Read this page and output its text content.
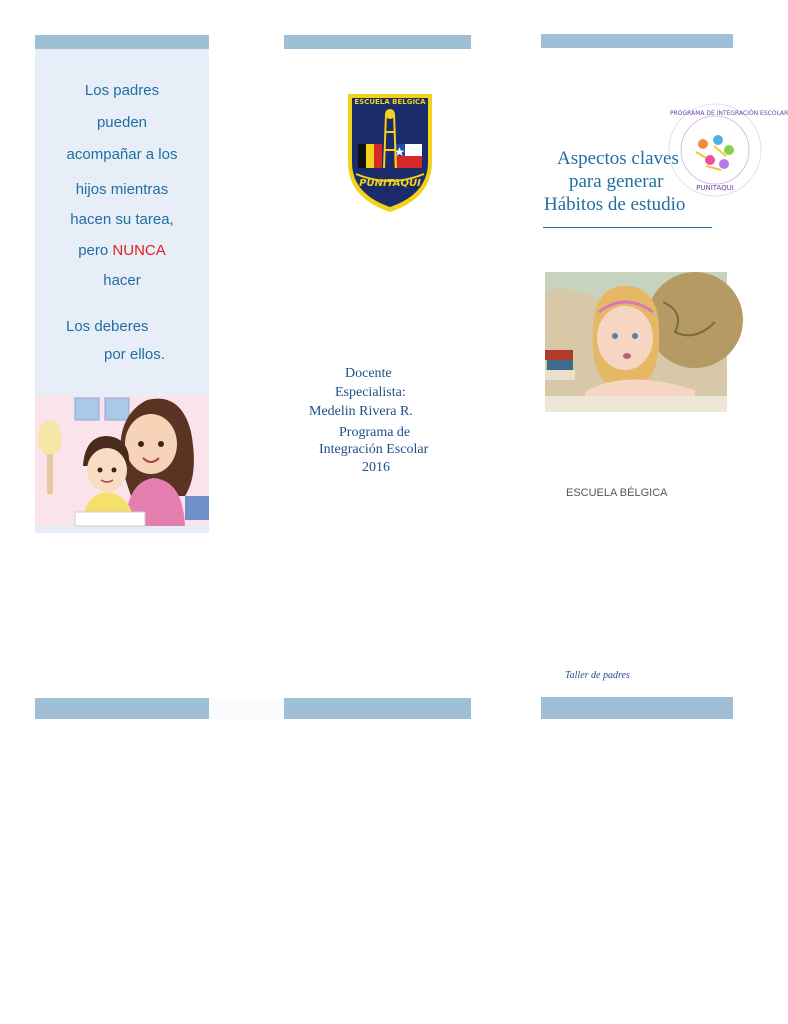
Los padres
pueden
acompañar a los
hijos mientras
hacen su tarea,
pero NUNCA
hacer
Los deberes
por ellos.
ESCUELA BELGICA
PUNITAQUI
Docente
Especialista:
Medelin Rivera R.
Programa de
Integración Escolar
2016
PROGRAMA DE INTEGRACIÓN ESCOLAR
PUNITAQUI
Aspectos claves
para generar
Hábitos de estudio
ESCUELA BÉLGICA
Taller de padres
